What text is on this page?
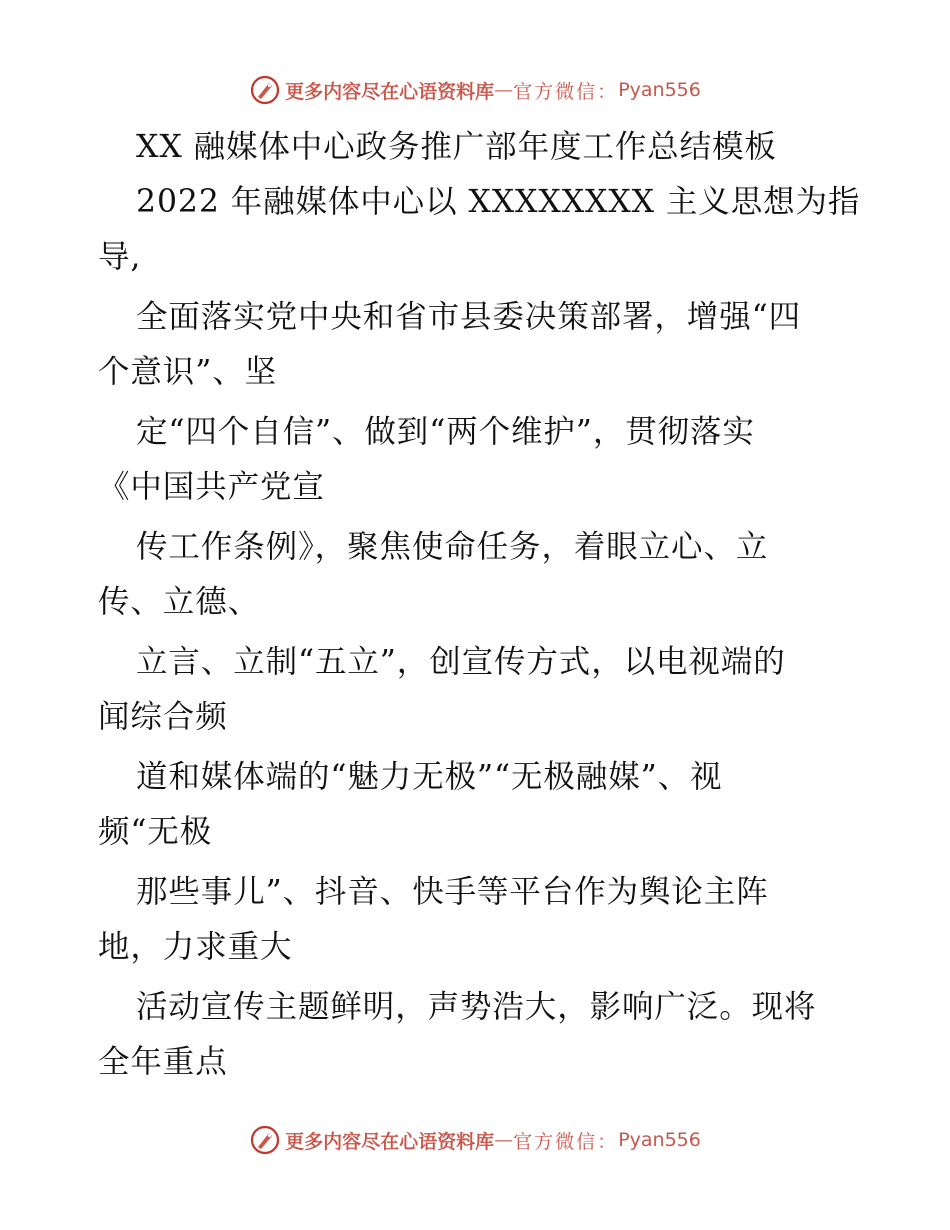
更多内容尽在心语资料库 — 官方微信： Pyan556
XX 融媒体中心政务推广部年度工作总结模板
2022 年融媒体中心以 XXXXXXXX 主义思想为指
导,
全面落实党中央和省市县委决策部署，增强“四
个意识”、坚
定“四个自信”、做到“两个维护”，贯彻落实
《中国共产党宣
传工作条例》，聚焦使命任务，着眼立心、立
传、立德、
立言、立制“五立”，创宣传方式，以电视端的
闻综合频
道和媒体端的“魅力无极”“无极融媒”、视
频“无极
那些事儿”、抖音、快手等平台作为舆论主阵
地，力求重大
活动宣传主题鲜明，声势浩大，影响广泛。现将
全年重点
更多内容尽在心语资料库 — 官方微信： Pyan556
